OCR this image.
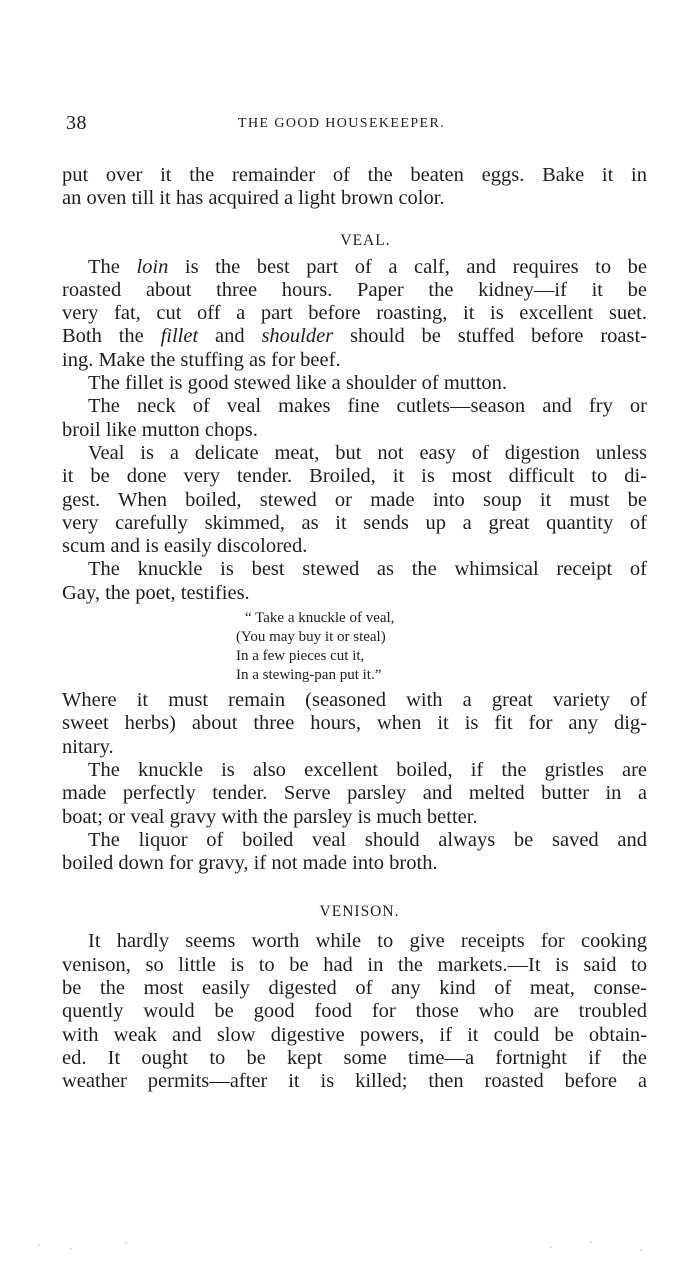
38	THE GOOD HOUSEKEEPER.
put over it the remainder of the beaten eggs. Bake it in
an oven till it has acquired a light brown color.
VEAL.
The loin is the best part of a calf, and requires to be
roasted about three hours. Paper the kidney—if it be
very fat, cut off a part before roasting, it is excellent suet.
Both the fillet and shoulder should be stuffed before roast-
ing. Make the stuffing as for beef.
The fillet is good stewed like a shoulder of mutton.
The neck of veal makes fine cutlets—season and fry or
broil like mutton chops.
Veal is a delicate meat, but not easy of digestion unless
it be done very tender. Broiled, it is most difficult to di-
gest. When boiled, stewed or made into soup it must be
very carefully skimmed, as it sends up a great quantity of
scum and is easily discolored.
The knuckle is best stewed as the whimsical receipt of
Gay, the poet, testifies.
“ Take a knuckle of veal,
(You may buy it or steal)
In a few pieces cut it,
In a stewing-pan put it.”
Where it must remain (seasoned with a great variety of
sweet herbs) about three hours, when it is fit for any dig-
nitary.
The knuckle is also excellent boiled, if the gristles are
made perfectly tender. Serve parsley and melted butter in a
boat; or veal gravy with the parsley is much better.
The liquor of boiled veal should always be saved and
boiled down for gravy, if not made into broth.
VENISON.
It hardly seems worth while to give receipts for cooking
venison, so little is to be had in the markets.—It is said to
be the most easily digested of any kind of meat, conse-
quently would be good food for those who are troubled
with weak and slow digestive powers, if it could be obtain-
ed. It ought to be kept some time—a fortnight if the
weather permits—after it is killed; then roasted before a
